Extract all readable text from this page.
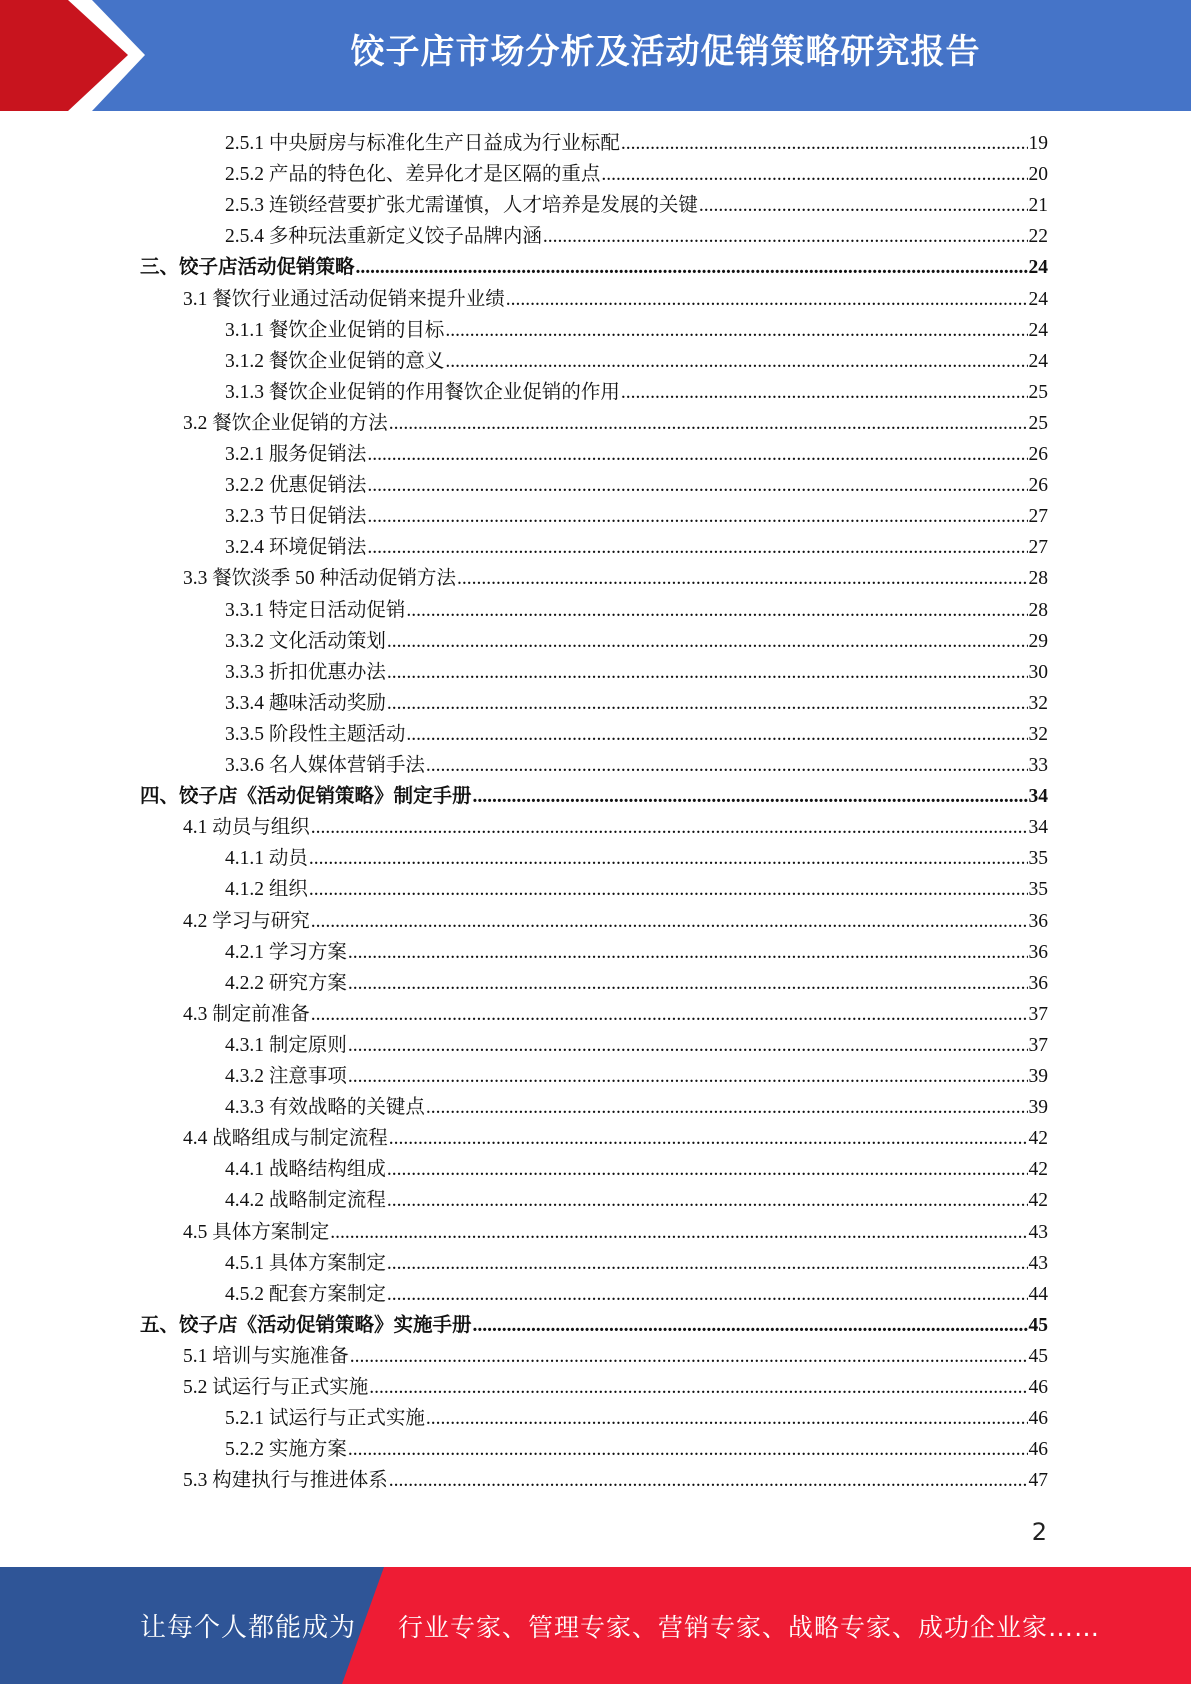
饺子店市场分析及活动促销策略研究报告
2.5.1 中央厨房与标准化生产日益成为行业标配 .....	19
2.5.2 产品的特色化、差异化才是区隔的重点 .....	20
2.5.3 连锁经营要扩张尤需谨慎，人才培养是发展的关键 .....	21
2.5.4 多种玩法重新定义饺子品牌内涵 .....	22
三、饺子店活动促销策略 .....	24
3.1 餐饮行业通过活动促销来提升业绩 .....	24
3.1.1 餐饮企业促销的目标 .....	24
3.1.2 餐饮企业促销的意义 .....	24
3.1.3 餐饮企业促销的作用餐饮企业促销的作用 .....	25
3.2 餐饮企业促销的方法 .....	25
3.2.1 服务促销法 .....	26
3.2.2 优惠促销法 .....	26
3.2.3 节日促销法 .....	27
3.2.4 环境促销法 .....	27
3.3 餐饮淡季 50 种活动促销方法 .....	28
3.3.1 特定日活动促销 .....	28
3.3.2 文化活动策划 .....	29
3.3.3 折扣优惠办法 .....	30
3.3.4 趣味活动奖励 .....	32
3.3.5 阶段性主题活动 .....	32
3.3.6 名人媒体营销手法 .....	33
四、饺子店《活动促销策略》制定手册 .....	34
4.1 动员与组织 .....	34
4.1.1 动员 .....	35
4.1.2 组织 .....	35
4.2 学习与研究 .....	36
4.2.1 学习方案 .....	36
4.2.2 研究方案 .....	36
4.3 制定前准备 .....	37
4.3.1 制定原则 .....	37
4.3.2 注意事项 .....	39
4.3.3 有效战略的关键点 .....	39
4.4 战略组成与制定流程 .....	42
4.4.1 战略结构组成 .....	42
4.4.2 战略制定流程 .....	42
4.5 具体方案制定 .....	43
4.5.1 具体方案制定 .....	43
4.5.2 配套方案制定 .....	44
五、饺子店《活动促销策略》实施手册 .....	45
5.1 培训与实施准备 .....	45
5.2 试运行与正式实施 .....	46
5.2.1 试运行与正式实施 .....	46
5.2.2 实施方案 .....	46
5.3 构建执行与推进体系 .....	47
2
让每个人都能成为 行业专家、管理专家、营销专家、战略专家、成功企业家……
